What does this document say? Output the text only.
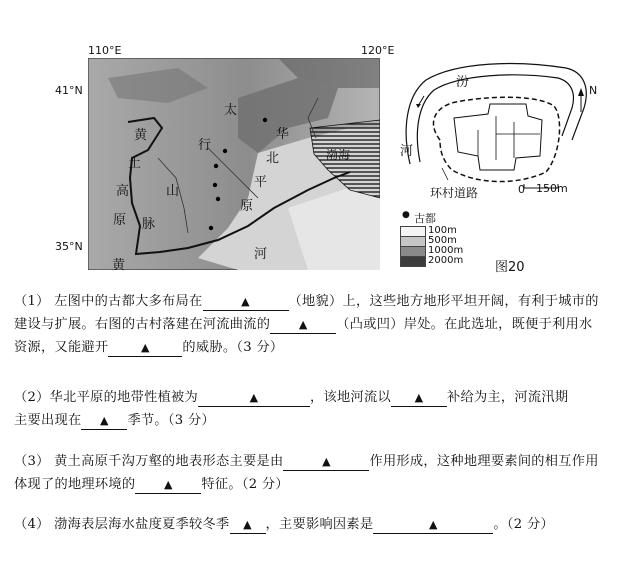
110°E	120°E
41°N
35°N
黄
土
高
原
黄
太
行
山
脉
华
北
平
原
渤海
河
● 古都
100m
500m
1000m
2000m 图20
汾
河
N
环村道路	0 150m
（1） 左图中的古都大多布局在	▲	（地貌）上，这些地方地形平坦开阔，有利于城市的
建设与扩展。右图的古村落建在河流曲流的	▲ （凸或凹）岸处。在此选址，既便于利用水
资源，又能避开	▲ 的威胁。（3 分）
（2）华北平原的地带性植被为	▲	，该地河流以 ▲ 补给为主，河流汛期
主要出现在 ▲ 季节。（3 分）
（3） 黄土高原千沟万壑的地表形态主要是由	▲	作用形成，这种地理要素间的相互作用
体现了的地理环境的	▲ 特征。（2 分）
（4） 渤海表层海水盐度夏季较冬季 ▲ ，主要影响因素是	▲	。（2 分）
